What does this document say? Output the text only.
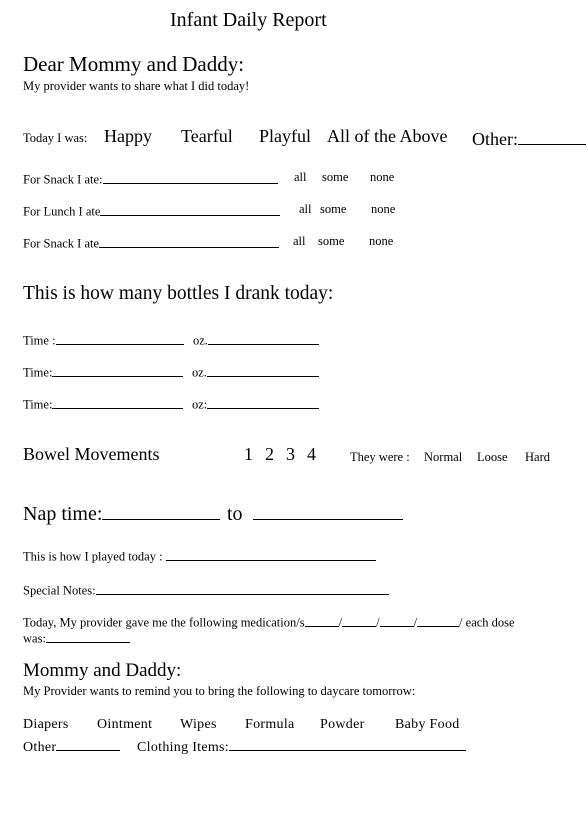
Infant Daily Report
Dear Mommy and Daddy:
My provider wants to share what I did today!
Today I was: Happy Tearful Playful All of the Above Other:
For Snack I ate:	all some none
For Lunch I ate	all some none
For Snack I ate	all some none
This is how many bottles I drank today:
Time :	oz.
Time:	oz.
Time:	oz:
Bowel Movements	1 2 3 4	They were : Normal Loose Hard
Nap time:	to
This is how I played today :
Special Notes:
Today, My provider gave me the following medication/s	/	/	/	/ each dose
was:
Mommy and Daddy:
My Provider wants to remind you to bring the following to daycare tomorrow:
Diapers Ointment Wipes Formula Powder Baby Food
Other	Clothing Items:
